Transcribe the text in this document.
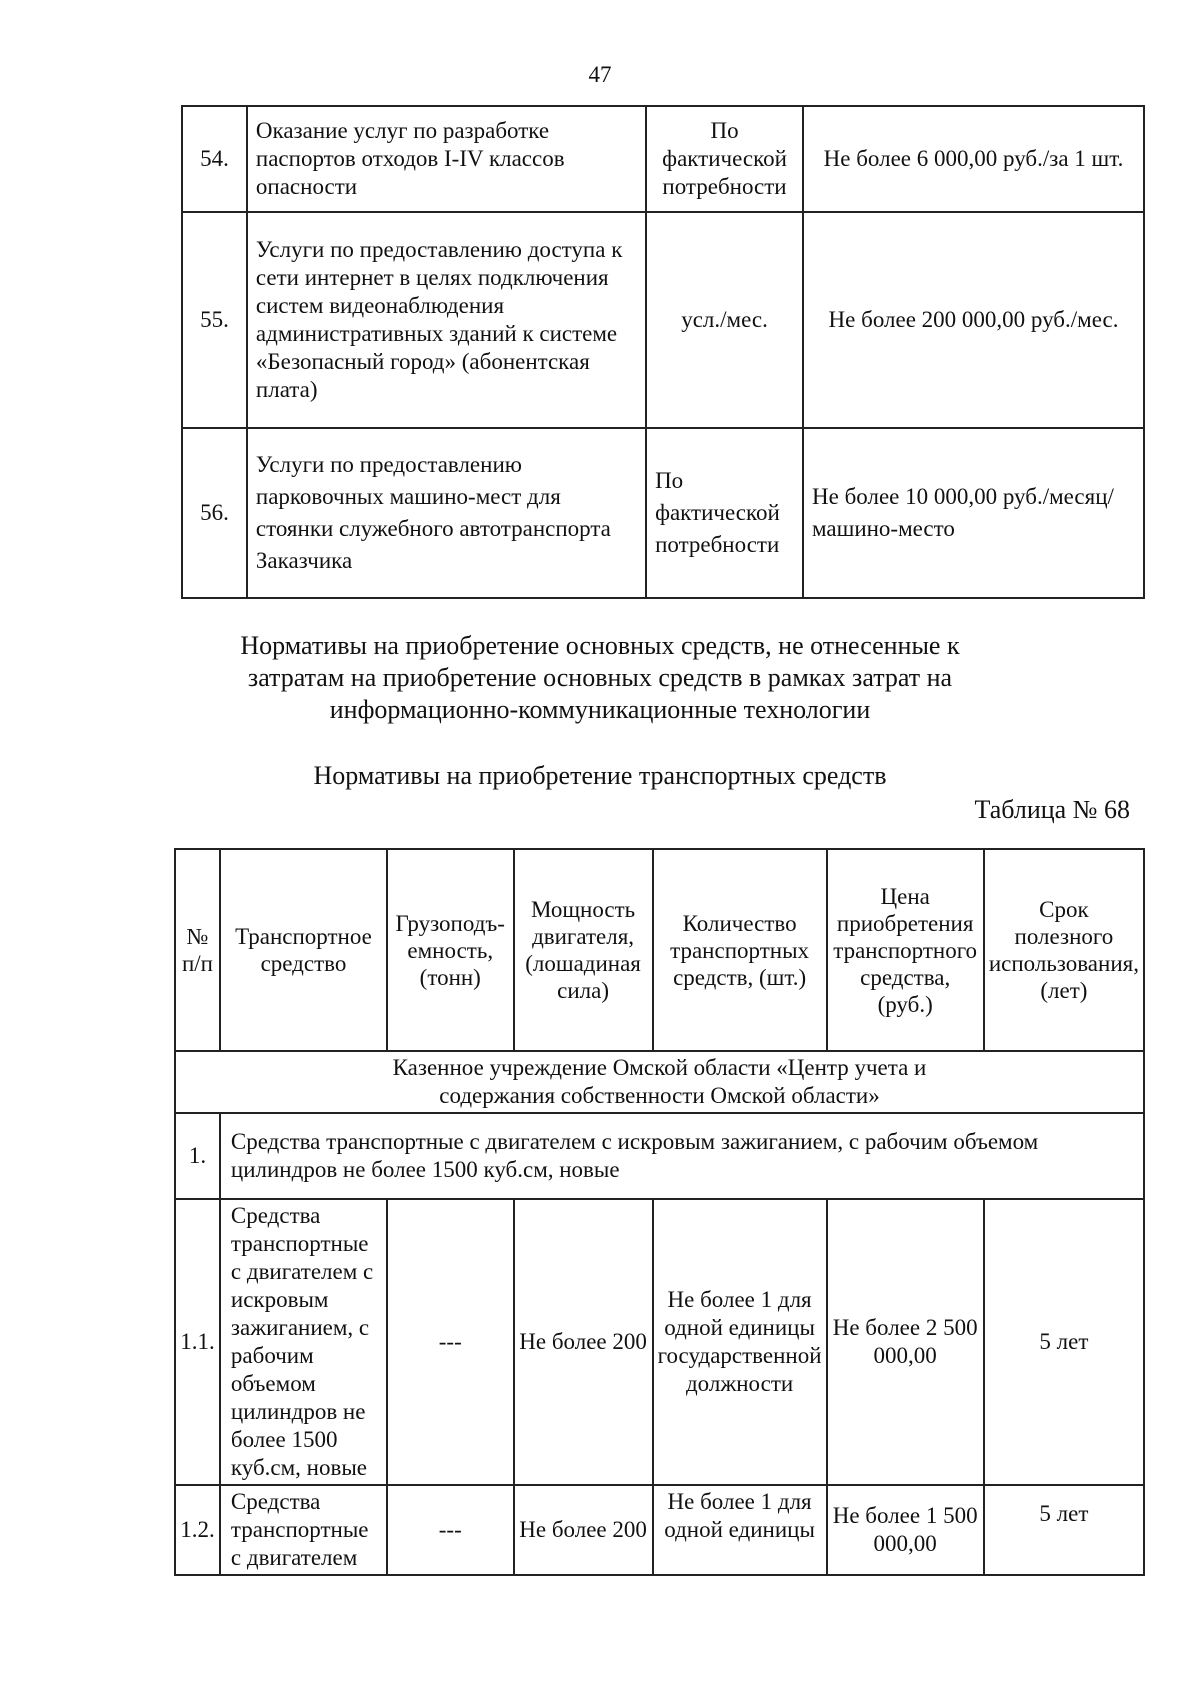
47
54.	Оказание услуг по разработке паспортов отходов I-IV классов опасности	По фактической потребности	Не более 6 000,00 руб./за 1 шт.
55.	Услуги по предоставлению доступа к сети интернет в целях подключения систем видеонаблюдения административных зданий к системе «Безопасный город» (абонентская плата)	усл./мес.	Не более 200 000,00 руб./мес.
56.	Услуги по предоставлению парковочных машино-мест для стоянки служебного автотранспорта Заказчика	По фактической потребности	Не более 10 000,00 руб./месяц/машино-место
Нормативы на приобретение основных средств, не отнесенные к затратам на приобретение основных средств в рамках затрат на информационно-коммуникационные технологии
Нормативы на приобретение транспортных средств
Таблица № 68
№ п/п	Транспортное средство	Грузоподъ-емность, (тонн)	Мощность двигателя, (лошадиная сила)	Количество транспортных средств, (шт.)	Цена приобретения транспортного средства, (руб.)	Срок полезного использования, (лет)

Казенное учреждение Омской области «Центр учета и содержания собственности Омской области»						

1.	Средства транспортные с двигателем с искровым зажиганием, с рабочим объемом цилиндров не более 1500 куб.см, новые					
1.1.	Средства транспортные с двигателем с искровым зажиганием, с рабочим объемом цилиндров не более 1500 куб.см, новые	---	Не более 200	Не более 1 для одной единицы государственной должности	Не более 2 500 000,00	5 лет
1.2.	Средства транспортные с двигателем	---	Не более 200	Не более 1 для одной единицы	Не более 1 500 000,00	5 лет
